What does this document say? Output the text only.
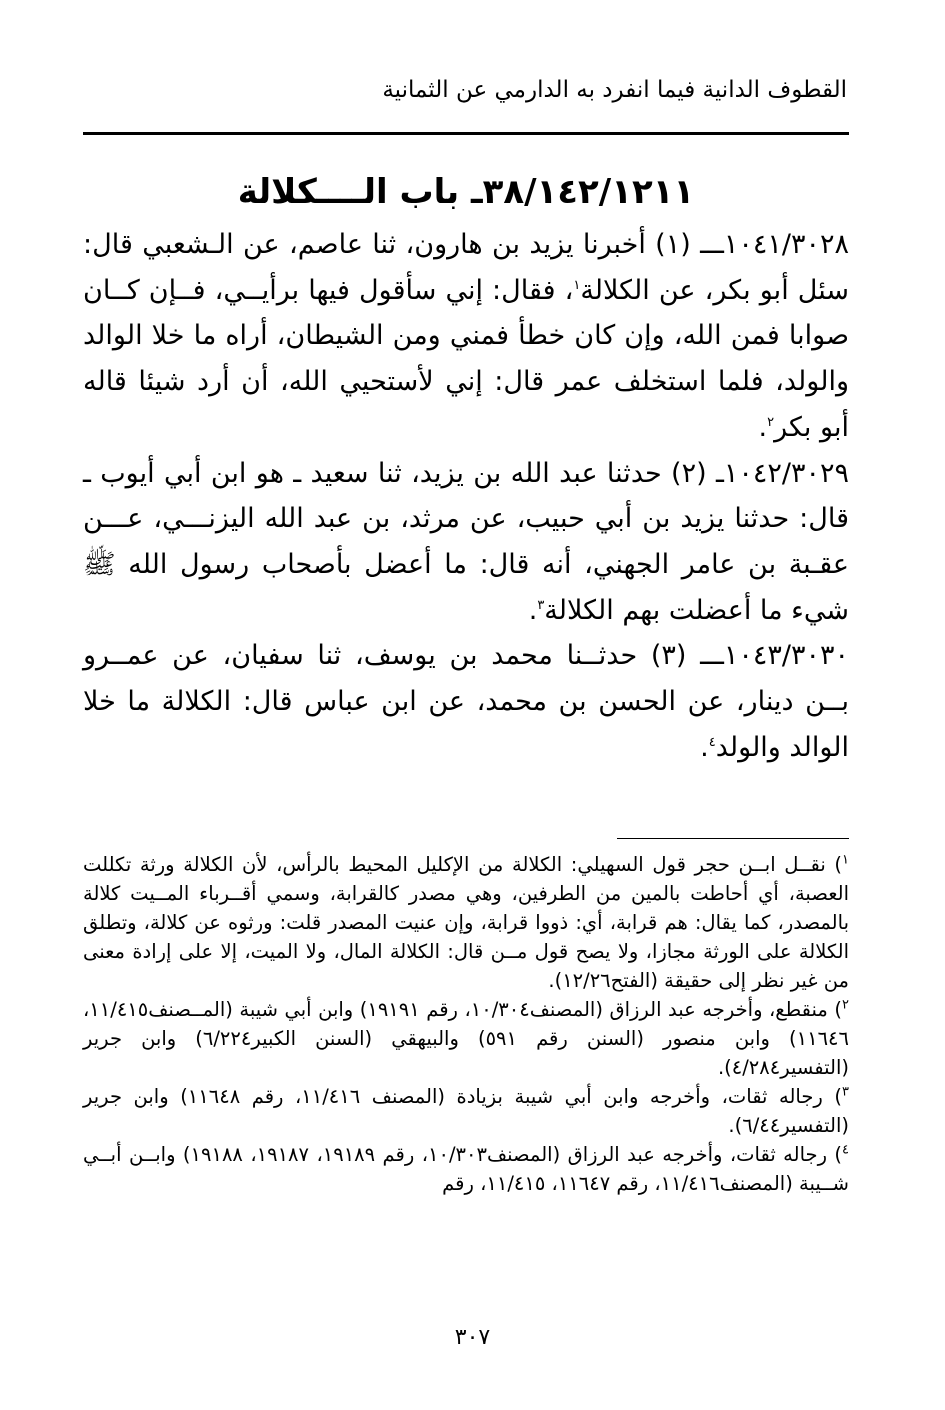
القطوف الدانية فيما انفرد به الدارمي عن الثمانية
٣٨/١٤٢/١٢١١ـ باب الــــكلالة

١٠٤١/٣٠٢٨ـــ (١) أخبرنا يزيد بن هارون، ثنا عاصم، عن الـشعبي قال: سئل أبو بكر، عن الكلالة$^١$، فقال: إني سأقول فيها برأيــي، فــإن كــان صوابا فمن الله، وإن كان خطأ فمني ومن الشيطان، أراه ما خلا الوالد والولد، فلما استخلف عمر قال: إني لأستحيي الله، أن أرد شيئا قاله أبو بكر$^٢$.

١٠٤٢/٣٠٢٩ـ (٢) حدثنا عبد الله بن يزيد، ثنا سعيد ـ هو ابن أبي أيوب ـ قال: حدثنا يزيد بن أبي حبيب، عن مرثد، بن عبد الله اليزنـــي، عـــن عقـبة بن عامر الجهني، أنه قال: ما أعضل بأصحاب رسول الله ﷺ شيء ما أعضلت بهم الكلالة$^٣$.

١٠٤٣/٣٠٣٠ـــ (٣) حدثــنا محمد بن يوسف، ثنا سفيان، عن عمــرو بــن دينار، عن الحسن بن محمد، عن ابن عباس قال: الكلالة ما خلا الوالد والولد$^٤$.

$^١$) نقــل ابــن حجر قول السهيلي: الكلالة من الإكليل المحيط بالرأس، لأن الكلالة ورثة تكللت العصبة، أي أحاطت بالمين من الطرفين، وهي مصدر كالقرابة، وسمي أقــرباء المــيت كلالة بالمصدر، كما يقال: هم قرابة، أي: ذووا قرابة، وإن عنيت المصدر قلت: ورثوه عن كلالة، وتطلق الكلالة على الورثة مجازا، ولا يصح قول مــن قال: الكلالة المال، ولا الميت، إلا على إرادة معنى من غير نظر إلى حقيقة (الفتح١٢/٢٦).

$^٢$) منقطع، وأخرجه عبد الرزاق (المصنف١٠/٣٠٤، رقم ١٩١٩١) وابن أبي شيبة (المــصنف١١/٤١٥، ١١٦٤٦) وابن منصور (السنن رقم ٥٩١) والبيهقي (السنن الكبير٦/٢٢٤) وابن جرير (التفسير٤/٢٨٤).

$^٣$) رجاله ثقات، وأخرجه وابن أبي شيبة بزيادة (المصنف ١١/٤١٦، رقم ١١٦٤٨) وابن جرير (التفسير٦/٤٤).

$^٤$) رجاله ثقات، وأخرجه عبد الرزاق (المصنف١٠/٣٠٣، رقم ١٩١٨٩، ١٩١٨٧، ١٩١٨٨) وابــن أبــي شــيبة (المصنف١١/٤١٦، رقم ١١٦٤٧، ١١/٤١٥، رقم

٣٠٧
